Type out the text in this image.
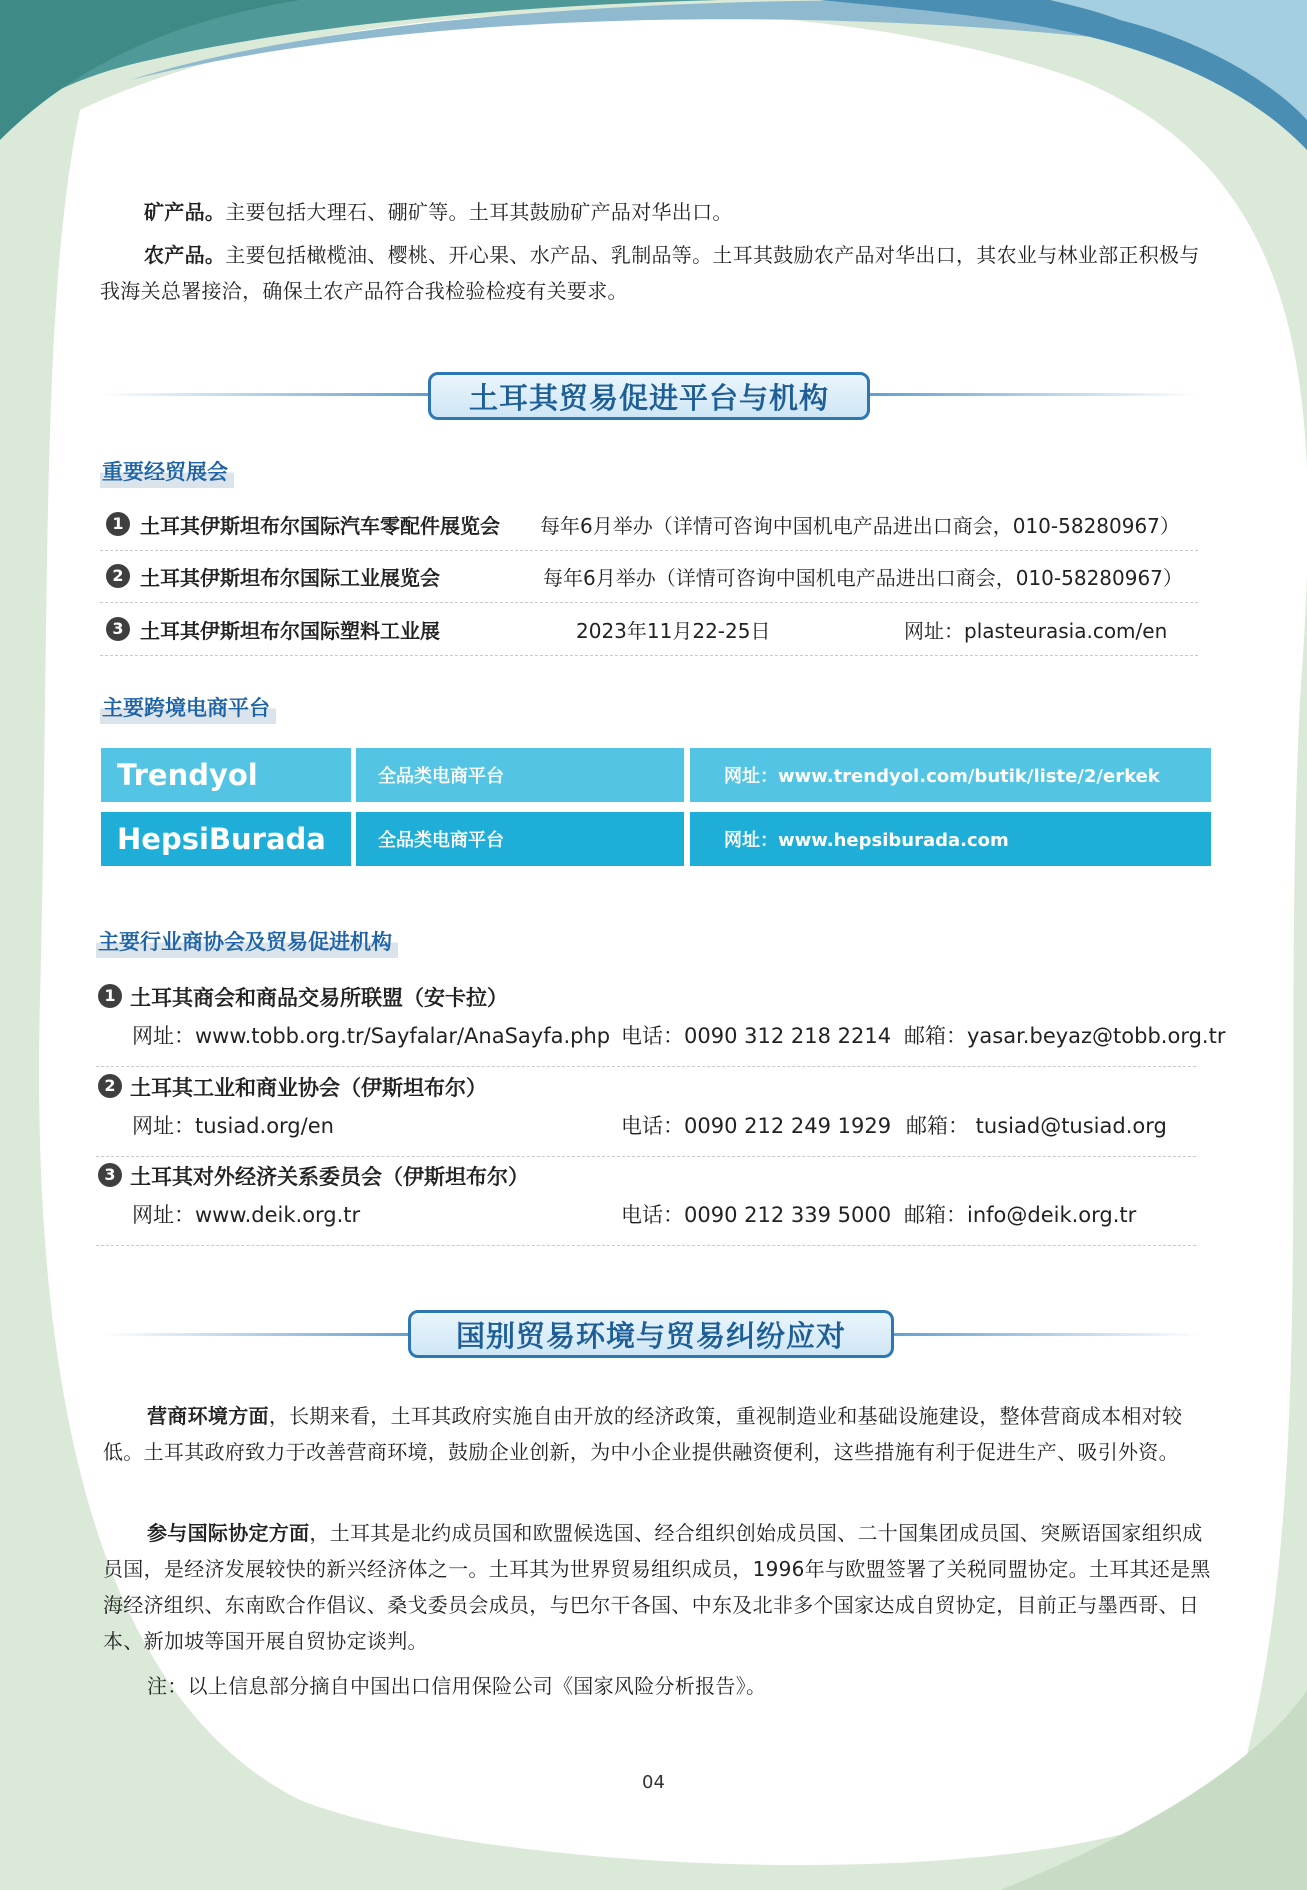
矿产品。主要包括大理石、硼矿等。土耳其鼓励矿产品对华出口。
农产品。主要包括橄榄油、樱桃、开心果、水产品、乳制品等。土耳其鼓励农产品对华出口，其农业与林业部正积极与我海关总署接洽，确保土农产品符合我检验检疫有关要求。
土耳其贸易促进平台与机构
重要经贸展会
1 土耳其伊斯坦布尔国际汽车零配件展览会 每年6月举办（详情可咨询中国机电产品进出口商会，010-58280967）
2 土耳其伊斯坦布尔国际工业展览会	每年6月举办（详情可咨询中国机电产品进出口商会，010-58280967）
3 土耳其伊斯坦布尔国际塑料工业展	2023年11月22-25日	网址：plasteurasia.com/en
主要跨境电商平台
Trendyol	全品类电商平台	网址：www.trendyol.com/butik/liste/2/erkek
HepsiBurada	全品类电商平台	网址：www.hepsiburada.com
主要行业商协会及贸易促进机构
1 土耳其商会和商品交易所联盟（安卡拉）
网址：www.tobb.org.tr/Sayfalar/AnaSayfa.php 电话：0090 312 218 2214 邮箱：yasar.beyaz@tobb.org.tr
2 土耳其工业和商业协会（伊斯坦布尔）
网址：tusiad.org/en	电话：0090 212 249 1929 邮箱： tusiad@tusiad.org
3 土耳其对外经济关系委员会（伊斯坦布尔）
网址：www.deik.org.tr	电话：0090 212 339 5000 邮箱：info@deik.org.tr
国别贸易环境与贸易纠纷应对
营商环境方面，长期来看，土耳其政府实施自由开放的经济政策，重视制造业和基础设施建设，整体营商成本相对较低。土耳其政府致力于改善营商环境，鼓励企业创新，为中小企业提供融资便利，这些措施有利于促进生产、吸引外资。
参与国际协定方面，土耳其是北约成员国和欧盟候选国、经合组织创始成员国、二十国集团成员国、突厥语国家组织成员国，是经济发展较快的新兴经济体之一。土耳其为世界贸易组织成员，1996年与欧盟签署了关税同盟协定。土耳其还是黑海经济组织、东南欧合作倡议、桑戈委员会成员，与巴尔干各国、中东及北非多个国家达成自贸协定，目前正与墨西哥、日本、新加坡等国开展自贸协定谈判。
注：以上信息部分摘自中国出口信用保险公司《国家风险分析报告》。
04
